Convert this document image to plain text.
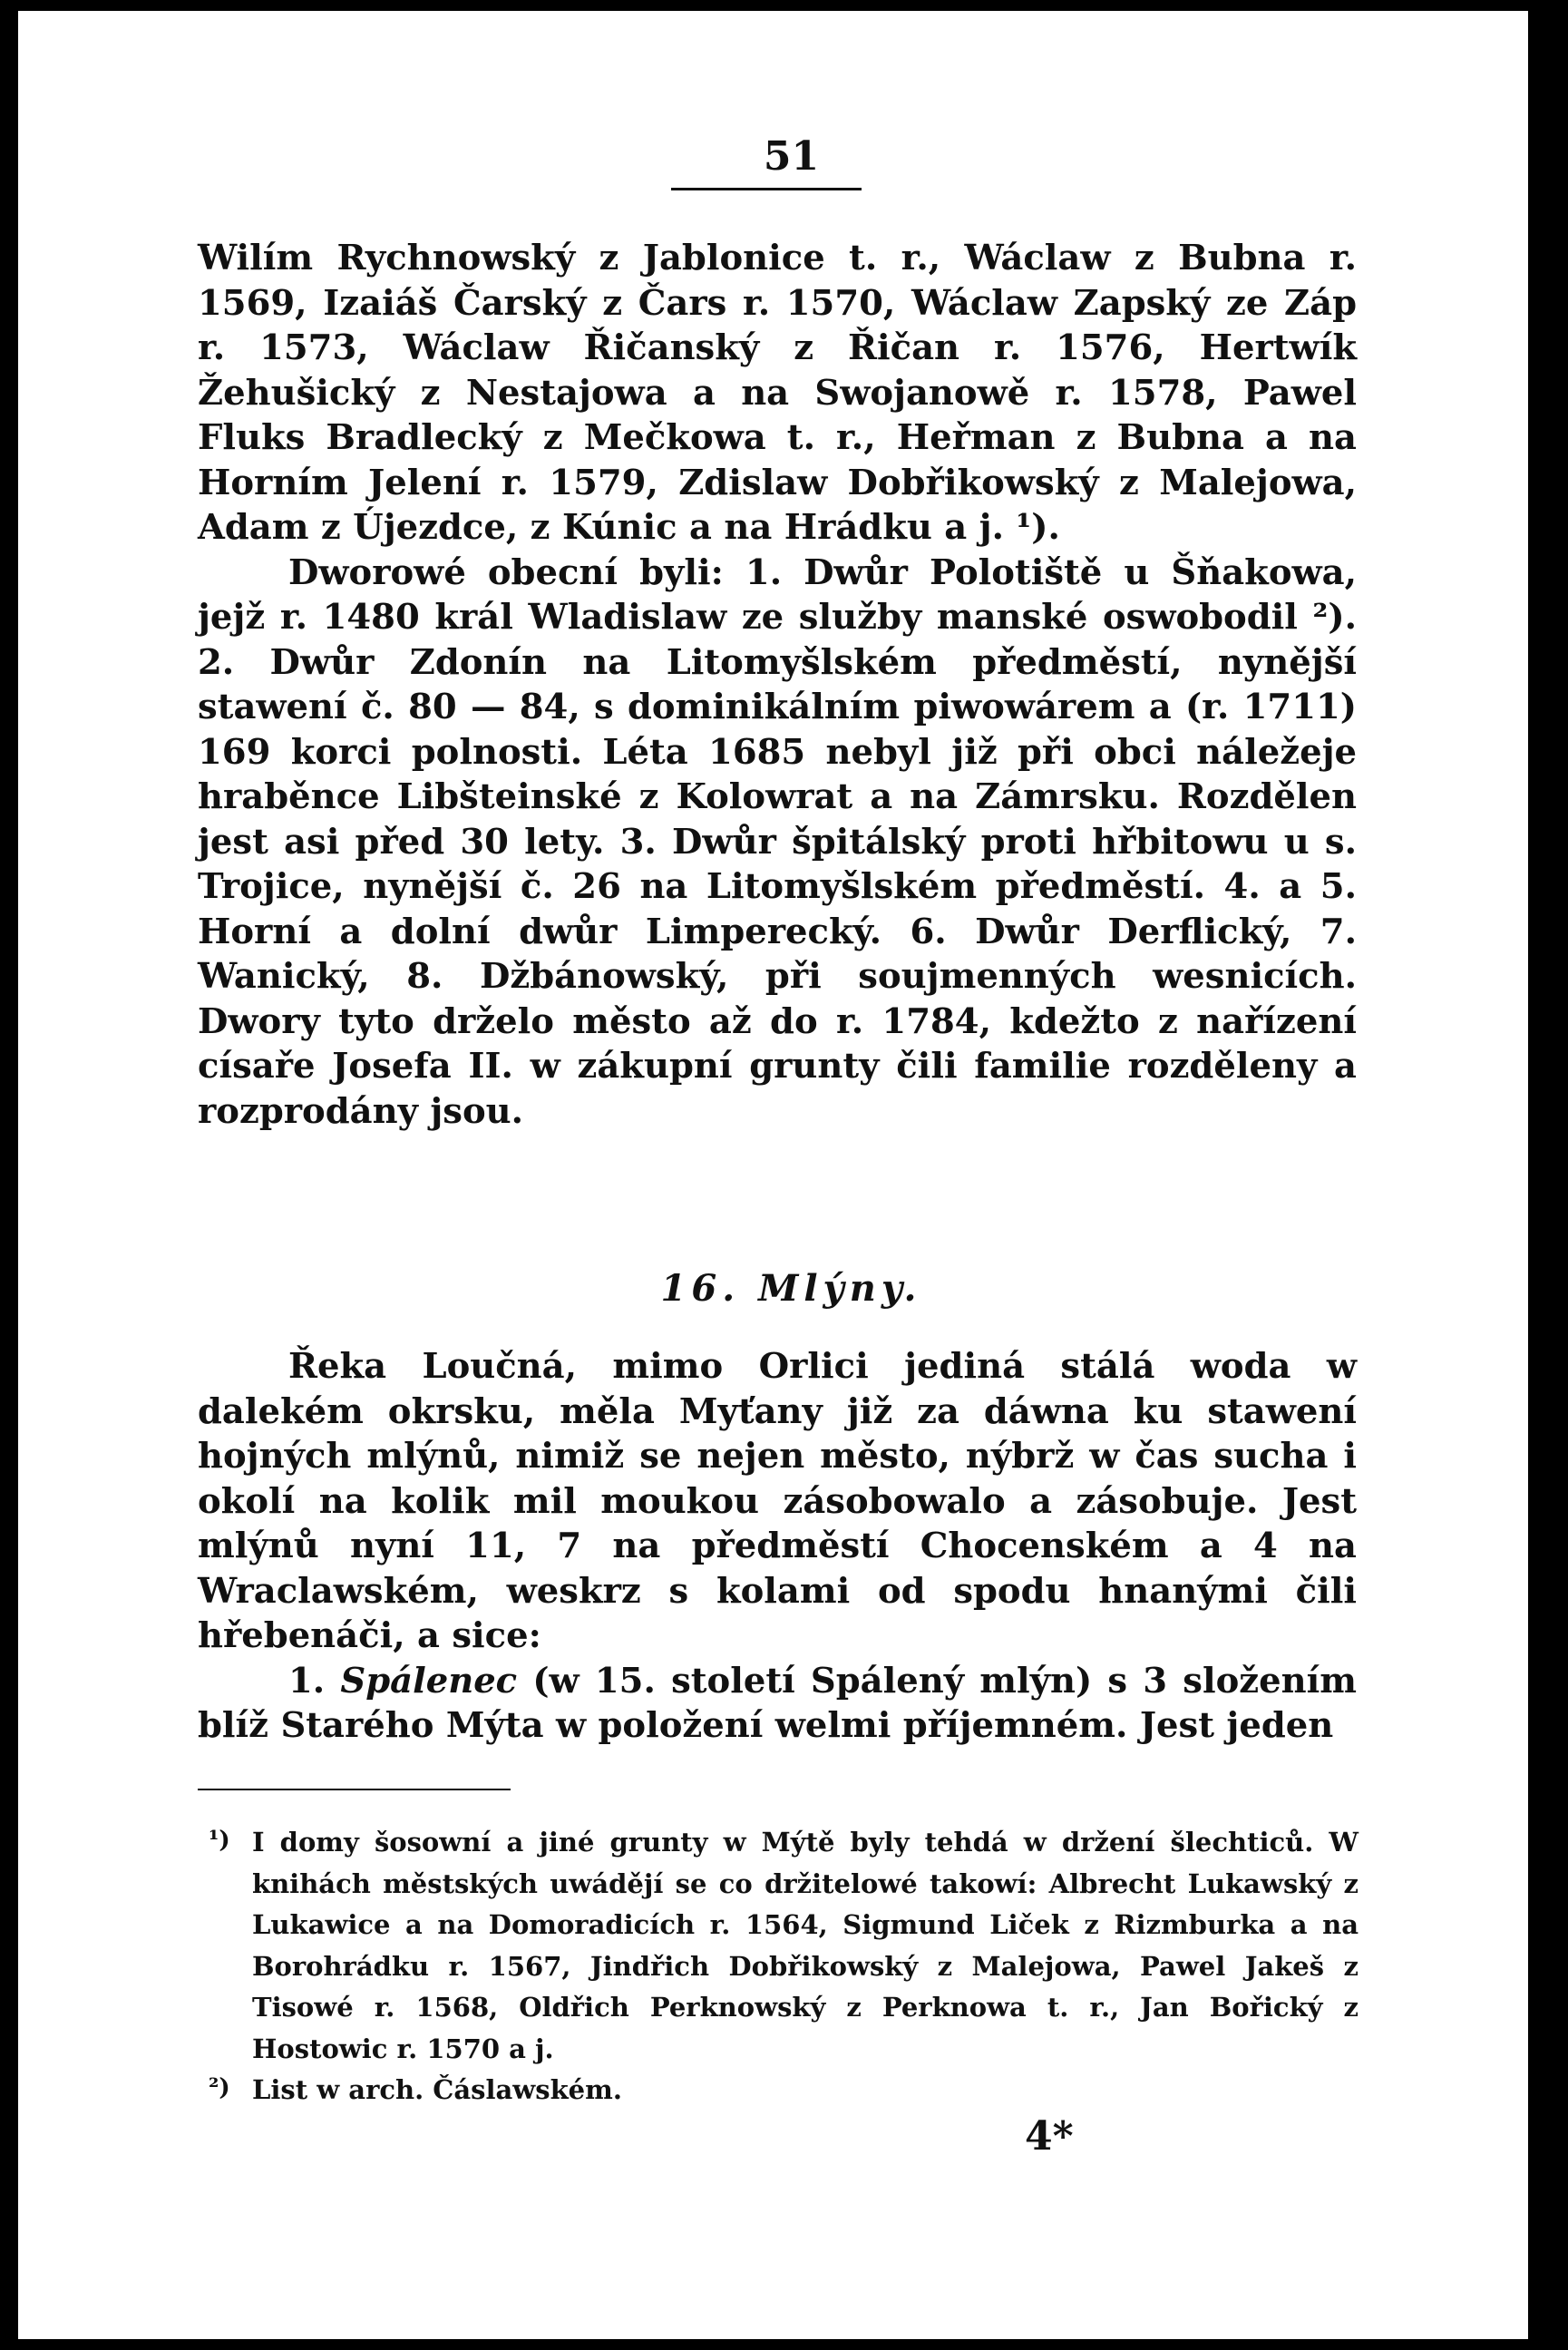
51

Wilím Rychnowský z Jablonice t. r., Wáclaw z Bubna r. 1569, Izaiáš Čarský z Čars r. 1570, Wáclaw Zapský ze Záp r. 1573, Wáclaw Řičanský z Řičan r. 1576, Hertwík Žehušický z Nestajowa a na Swojanowě r. 1578, Pawel Fluks Bradlecký z Mečkowa t. r., Heřman z Bubna a na Horním Jelení r. 1579, Zdislaw Dobřikowský z Malejowa, Adam z Újezdce, z Kúnic a na Hrádku a j. ¹).

Dworowé obecní byli: 1. Dwůr Polotiště u Šňakowa, jejž r. 1480 král Wladislaw ze služby manské oswobodil ²). 2. Dwůr Zdonín na Litomyšlském předměstí, nynější stawení č. 80 — 84, s dominikálním piwowárem a (r. 1711) 169 korci polnosti. Léta 1685 nebyl již při obci náležeje hraběnce Libšteinské z Kolowrat a na Zámrsku. Rozdělen jest asi před 30 lety. 3. Dwůr špitálský proti hřbitowu u s. Trojice, nynější č. 26 na Litomyšlském předměstí. 4. a 5. Horní a dolní dwůr Limperecký. 6. Dwůr Derflický, 7. Wanický, 8. Džbánowský, při soujmenných wesnicích. Dwory tyto drželo město až do r. 1784, kdežto z nařízení císaře Josefa II. w zákupní grunty čili familie rozděleny a rozprodány jsou.

16. Mlýny.

Řeka Loučná, mimo Orlici jediná stálá woda w dalekém okrsku, měla Myťany již za dáwna ku stawení hojných mlýnů, nimiž se nejen město, nýbrž w čas sucha i okolí na kolik mil moukou zásobowalo a zásobuje. Jest mlýnů nyní 11, 7 na předměstí Chocenském a 4 na Wraclawském, weskrz s kolami od spodu hnanými čili hřebenáči, a sice:

1. Spálenec (w 15. století Spálený mlýn) s 3 složením blíž Starého Mýta w položení welmi příjemném. Jest jeden

¹) I domy šosowní a jiné grunty w Mýtě byly tehdá w držení šlechticů. W knihách městských uwádějí se co držitelowé takowí: Albrecht Lukawský z Lukawice a na Domoradicích r. 1564, Sigmund Liček z Rizmburka a na Borohrádku r. 1567, Jindřich Dobřikowský z Malejowa, Pawel Jakeš z Tisowé r. 1568, Oldřich Perknowský z Perknowa t. r., Jan Bořický z Hostowic r. 1570 a j.

²) List w arch. Čáslawském.

4*
